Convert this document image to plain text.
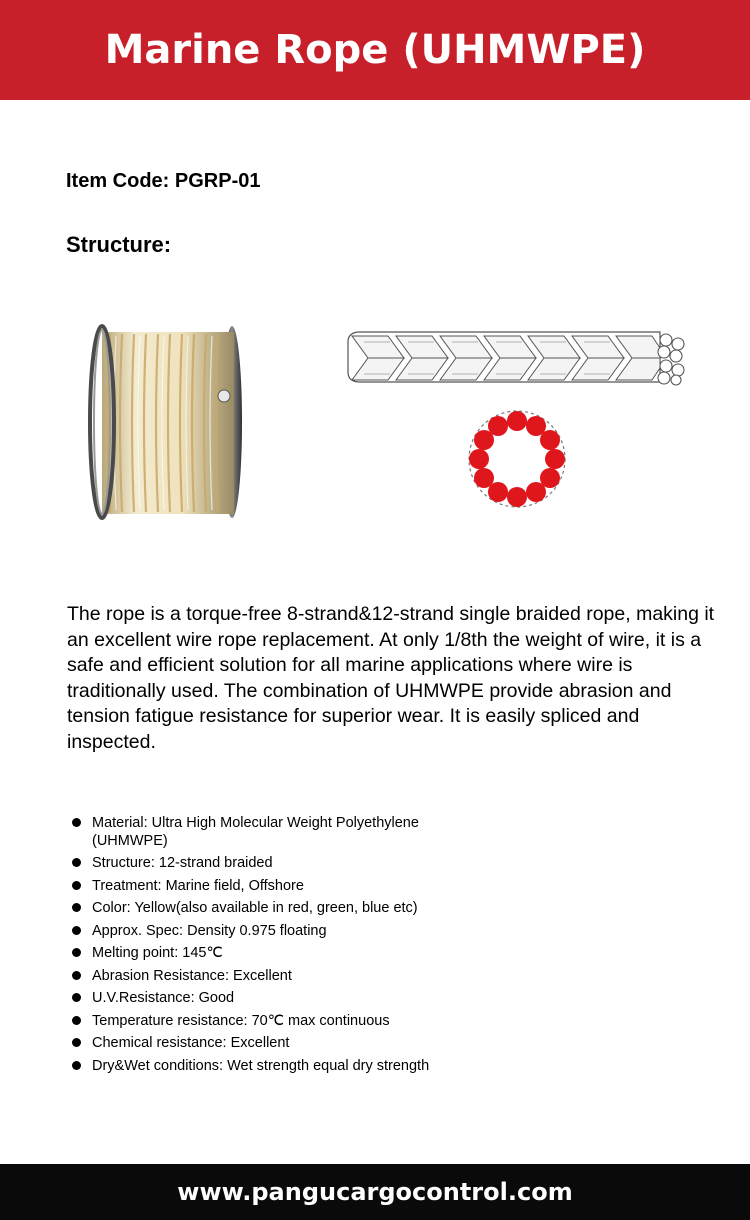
Marine Rope (UHMWPE)
Item Code: PGRP-01
Structure:

The rope is a torque-free 8-strand&12-strand single braided rope, making it an excellent wire rope replacement. At only 1/8th the weight of wire, it is a safe and efficient solution for all marine applications where wire is traditionally used. The combination of UHMWPE provide abrasion and tension fatigue resistance for superior wear. It is easily spliced and inspected.

Material: Ultra High Molecular Weight Polyethylene (UHMWPE)
Structure: 12-strand braided
Treatment: Marine field, Offshore
Color: Yellow(also available in red, green, blue etc)
Approx. Spec: Density 0.975 floating
Melting point: 145℃
Abrasion Resistance: Excellent
U.V.Resistance: Good
Temperature resistance: 70℃ max continuous
Chemical resistance: Excellent
Dry&Wet conditions: Wet strength equal dry strength
www.pangucargocontrol.com
